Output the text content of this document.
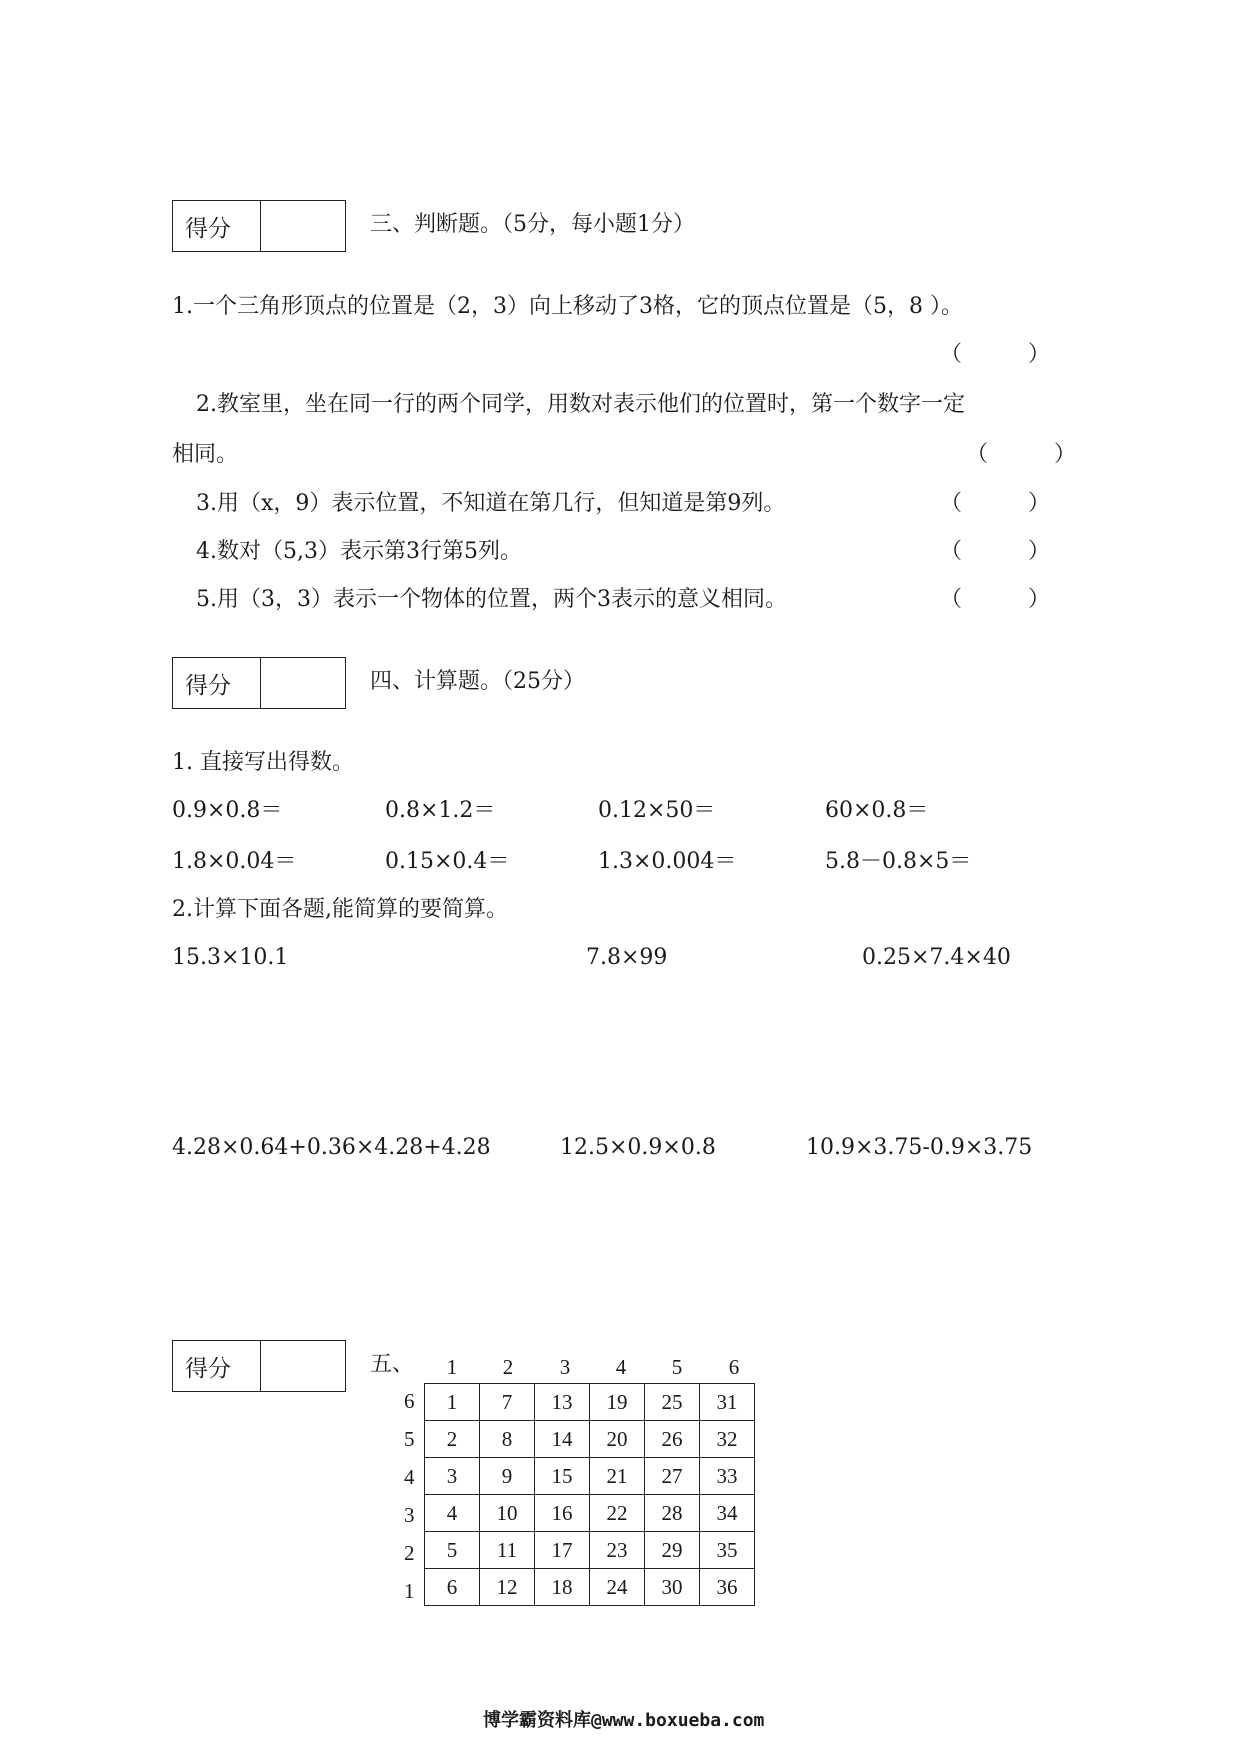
得分	三、判断题。（5分，每小题1分）
1.一个三角形顶点的位置是（2，3）向上移动了3格，它的顶点位置是（5，8 ）。
（　　　）
2.教室里，坐在同一行的两个同学，用数对表示他们的位置时，第一个数字一定
相同。	（　　　）
3.用（x，9）表示位置，不知道在第几行，但知道是第9列。	（　　　）
4.数对（5,3）表示第3行第5列。	（　　　）
5.用（3，3）表示一个物体的位置，两个3表示的意义相同。	（　　　）
得分	四、计算题。（25分）
1. 直接写出得数。
0.9×0.8＝	0.8×1.2＝	0.12×50＝	60×0.8＝
1.8×0.04＝	0.15×0.4＝	1.3×0.004＝	5.8－0.8×5＝
2.计算下面各题,能简算的要简算。
15.3×10.1	7.8×99	0.25×7.4×40
4.28×0.64+0.36×4.28+4.28	12.5×0.9×0.8	10.9×3.75-0.9×3.75
得分	五、	1	2	3	4	5	6
6
5
4
3
2
1
1	7	13	19	25	31
2	8	14	20	26	32
3	9	15	21	27	33
4	10	16	22	28	34
5	11	17	23	29	35
6	12	18	24	30	36
博学霸资料库@www.boxueba.com
